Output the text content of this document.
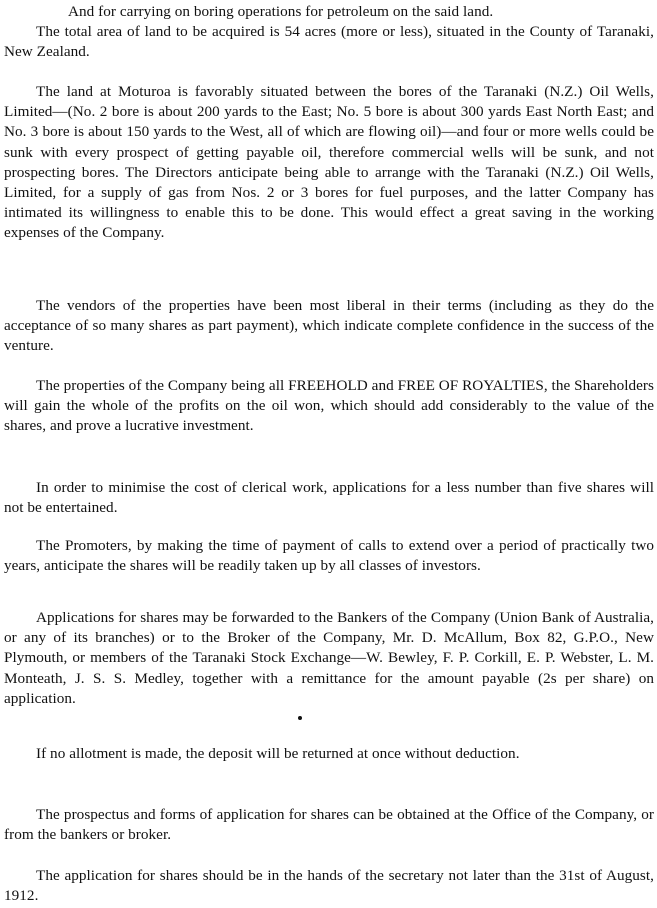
And for carrying on boring operations for petroleum on the said land.

The total area of land to be acquired is 54 acres (more or less), situated in the County of Taranaki, New Zealand.

The land at Moturoa is favorably situated between the bores of the Taranaki (N.Z.) Oil Wells, Limited—(No. 2 bore is about 200 yards to the East; No. 5 bore is about 300 yards East North East; and No. 3 bore is about 150 yards to the West, all of which are flowing oil)—and four or more wells could be sunk with every prospect of getting payable oil, therefore commercial wells will be sunk, and not prospecting bores. The Directors anticipate being able to arrange with the Taranaki (N.Z.) Oil Wells, Limited, for a supply of gas from Nos. 2 or 3 bores for fuel purposes, and the latter Company has intimated its willingness to enable this to be done. This would effect a great saving in the working expenses of the Company.

The vendors of the properties have been most liberal in their terms (including as they do the acceptance of so many shares as part payment), which indicate complete confidence in the success of the venture.

The properties of the Company being all FREEHOLD and FREE OF ROYALTIES, the Shareholders will gain the whole of the profits on the oil won, which should add considerably to the value of the shares, and prove a lucrative investment.

In order to minimise the cost of clerical work, applications for a less number than five shares will not be entertained.

The Promoters, by making the time of payment of calls to extend over a period of practically two years, anticipate the shares will be readily taken up by all classes of investors.

Applications for shares may be forwarded to the Bankers of the Company (Union Bank of Australia, or any of its branches) or to the Broker of the Company, Mr. D. McAllum, Box 82, G.P.O., New Plymouth, or members of the Taranaki Stock Exchange—W. Bewley, F. P. Corkill, E. P. Webster, L. M. Monteath, J. S. S. Medley, together with a remittance for the amount payable (2s per share) on application.

If no allotment is made, the deposit will be returned at once without deduction.

The prospectus and forms of application for shares can be obtained at the Office of the Company, or from the bankers or broker.

The application for shares should be in the hands of the secretary not later than the 31st of August, 1912.
